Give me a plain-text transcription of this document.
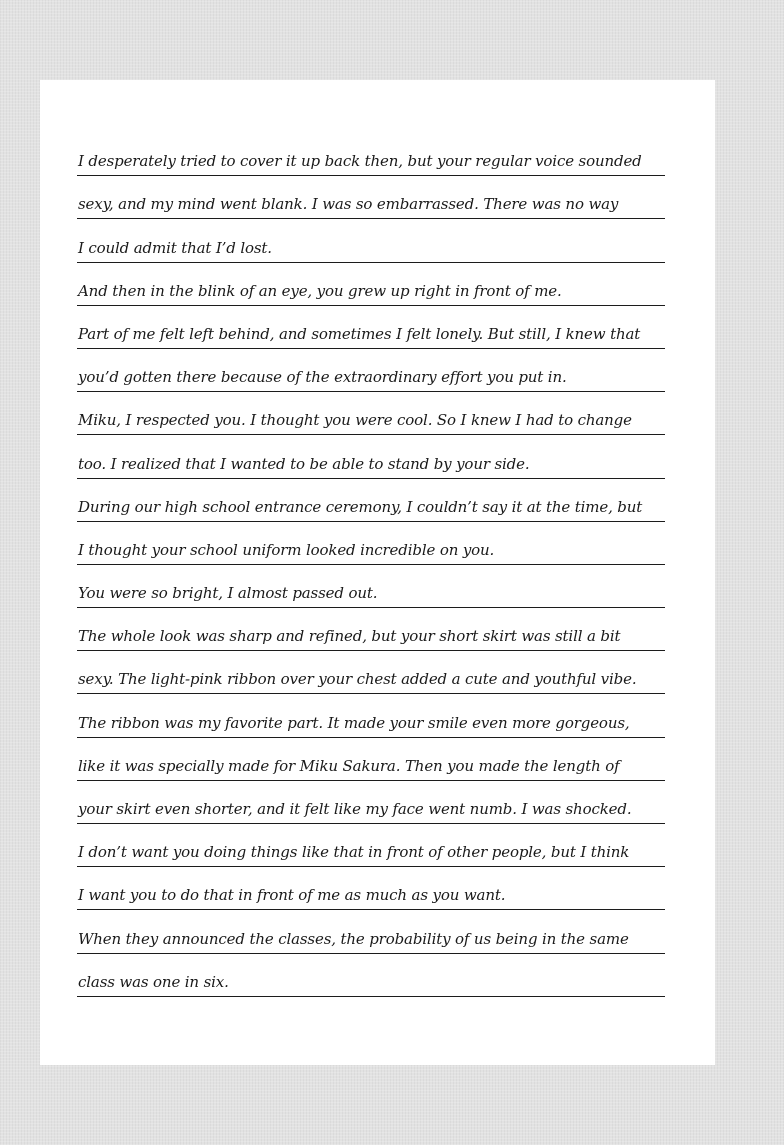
I desperately tried to cover it up back then, but your regular voice sounded
sexy, and my mind went blank. I was so embarrassed. There was no way
I could admit that I’d lost.
And then in the blink of an eye, you grew up right in front of me.
Part of me felt left behind, and sometimes I felt lonely. But still, I knew that
you’d gotten there because of the extraordinary effort you put in.
Miku, I respected you. I thought you were cool. So I knew I had to change
too. I realized that I wanted to be able to stand by your side.
During our high school entrance ceremony, I couldn’t say it at the time, but
I thought your school uniform looked incredible on you.
You were so bright, I almost passed out.
The whole look was sharp and refined, but your short skirt was still a bit
sexy. The light-pink ribbon over your chest added a cute and youthful vibe.
The ribbon was my favorite part. It made your smile even more gorgeous,
like it was specially made for Miku Sakura. Then you made the length of
your skirt even shorter, and it felt like my face went numb. I was shocked.
I don’t want you doing things like that in front of other people, but I think
I want you to do that in front of me as much as you want.
When they announced the classes, the probability of us being in the same
class was one in six.
